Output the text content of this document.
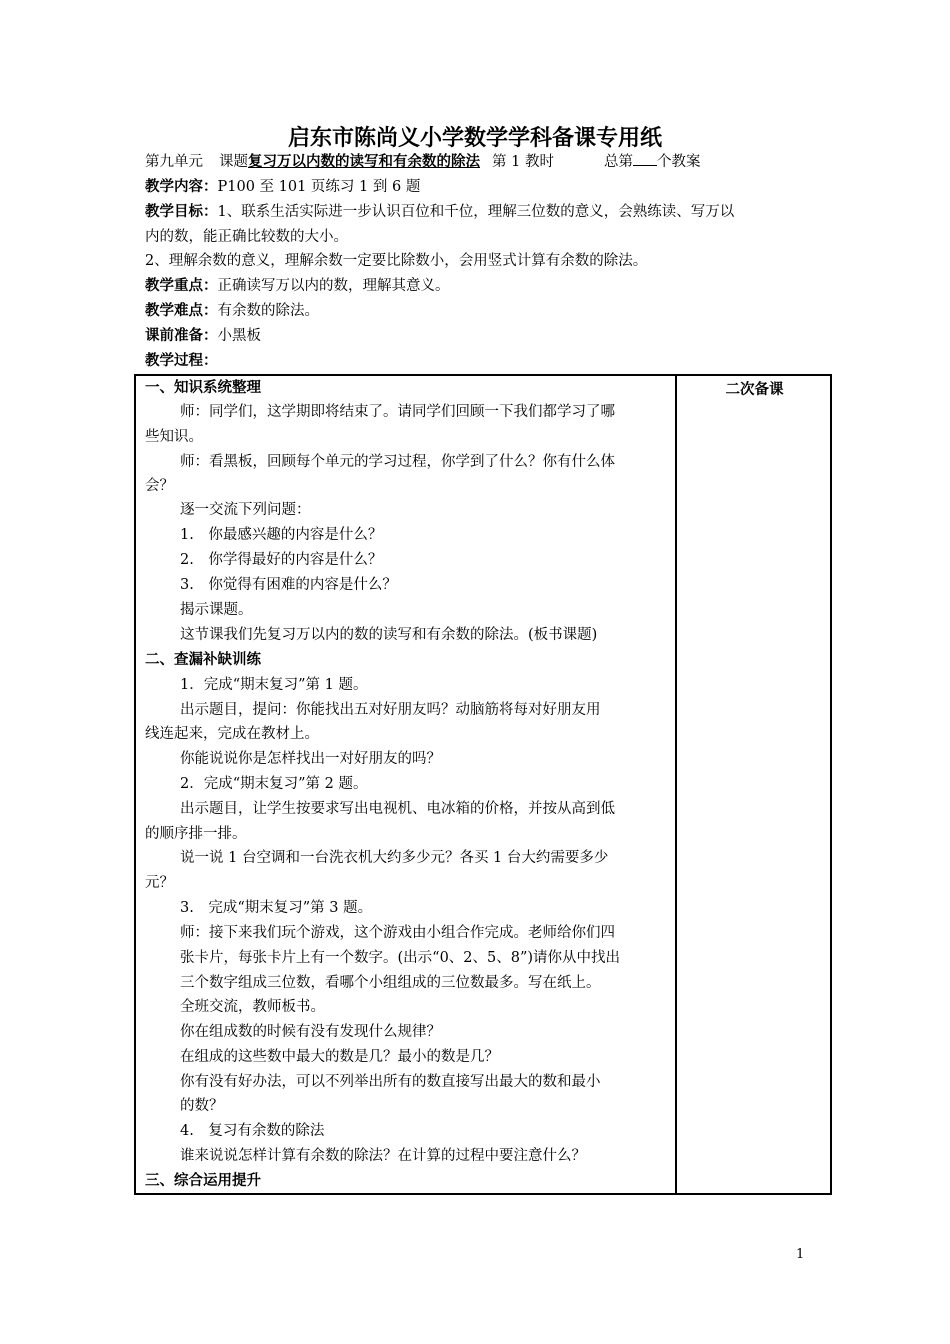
启东市陈尚义小学数学学科备课专用纸
第九单元 课题复习万以内数的读写和有余数的除法 第 1 教时	总第 个教案
教学内容：P100 至 101 页练习 1 到 6 题
教学目标：1、联系生活实际进一步认识百位和千位，理解三位数的意义，会熟练读、写万以
内的数，能正确比较数的大小。
2、理解余数的意义，理解余数一定要比除数小，会用竖式计算有余数的除法。
教学重点：正确读写万以内的数，理解其意义。
教学难点：有余数的除法。
课前准备：小黑板
教学过程：
二次备课
一、知识系统整理
师：同学们，这学期即将结束了。请同学们回顾一下我们都学习了哪
些知识。
师：看黑板，回顾每个单元的学习过程，你学到了什么？你有什么体
会？
逐一交流下列问题：
1.　你最感兴趣的内容是什么？
2.　你学得最好的内容是什么？
3.　你觉得有困难的内容是什么？
揭示课题。
这节课我们先复习万以内的数的读写和有余数的除法。(板书课题)
二、查漏补缺训练
1．完成“期末复习”第 1 题。
出示题目，提问：你能找出五对好朋友吗？动脑筋将每对好朋友用
线连起来，完成在教材上。
你能说说你是怎样找出一对好朋友的吗？
2．完成“期末复习”第 2 题。
出示题目，让学生按要求写出电视机、电冰箱的价格，并按从高到低
的顺序排一排。
说一说 1 台空调和一台洗衣机大约多少元？各买 1 台大约需要多少
元？
3.　完成“期末复习”第 3 题。
师：接下来我们玩个游戏，这个游戏由小组合作完成。老师给你们四
张卡片，每张卡片上有一个数字。(出示“0、2、5、8”)请你从中找出
三个数字组成三位数，看哪个小组组成的三位数最多。写在纸上。
全班交流，教师板书。
你在组成数的时候有没有发现什么规律？
在组成的这些数中最大的数是几？最小的数是几？
你有没有好办法，可以不列举出所有的数直接写出最大的数和最小
的数？
4.　复习有余数的除法
谁来说说怎样计算有余数的除法？在计算的过程中要注意什么？
三、综合运用提升
1
